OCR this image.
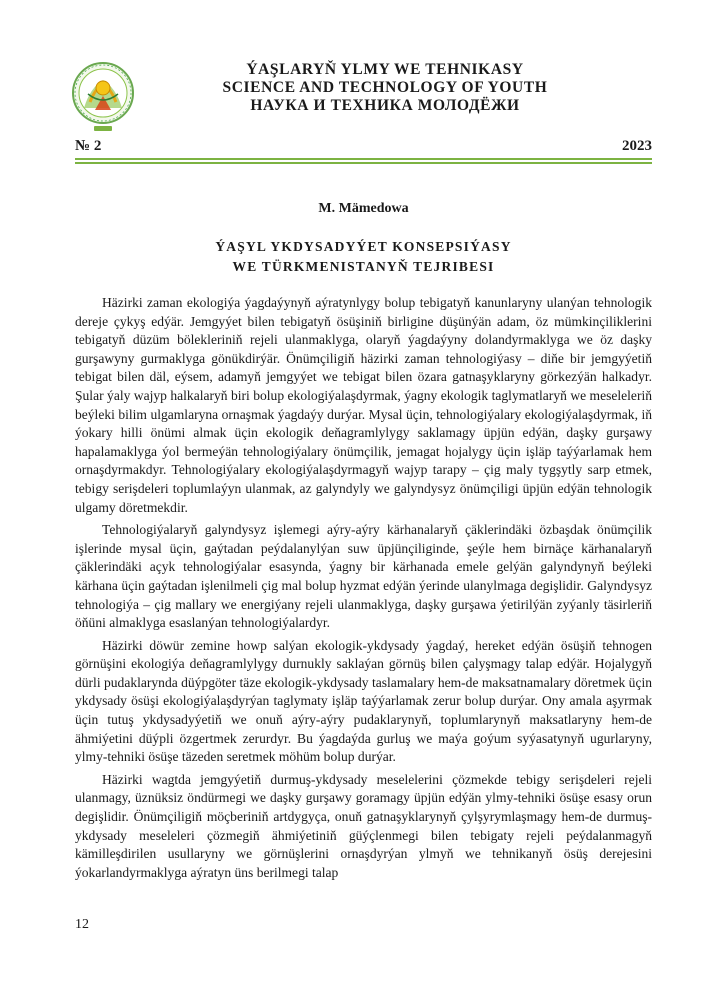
ÝAŞLARYŇ YLMY WE TEHNIKASY
SCIENCE AND TECHNOLOGY OF YOUTH
НАУКА И ТЕХНИКА МОЛОДЁЖИ
№ 2	2023
M. Mämedowa
ÝAŞYL YKDYSADYÝET KONSEPSIÝASY
WE TÜRKMENISTANYŇ TEJRIBESI

Häzirki zaman ekologiýa ýagdaýynyň aýratynlygy bolup tebigatyň kanunlaryny ulanýan tehnologik dereje çykyş edýär. Jemgyýet bilen tebigatyň ösüşiniň birligine düşünýän adam, öz mümkinçiliklerini tebigatyň düzüm bölekleriniň rejeli ulanmaklyga, olaryň ýagdaýyny dolandyrmaklyga we öz daşky gurşawyny gurmaklyga gönükdirýär. Önümçiligiň häzirki zaman tehnologiýasy – diňe bir jemgyýetiň tebigat bilen däl, eýsem, adamyň jemgyýet we tebigat bilen özara gatnaşyklaryny görkezýän halkadyr. Şular ýaly wajyp halkalaryň biri bolup ekologiýalaşdyrmak, ýagny ekologik taglymatlaryň we meseleleriň beýleki bilim ulgamlaryna ornaşmak ýagdaýy durýar. Mysal üçin, tehnologiýalary ekologiýalaşdyrmak, iň ýokary hilli önümi almak üçin ekologik deňagramlylygy saklamagy üpjün edýän, daşky gurşawy hapalamaklyga ýol bermeýän tehnologiýalary önümçilik, jemagat hojalygy üçin işläp taýýarlamak hem ornaşdyrmakdyr. Tehnologiýalary ekologiýalaşdyrmagyň wajyp tarapy – çig maly tygşytly sarp etmek, tebigy serişdeleri toplumlaýyn ulanmak, az galyndyly we galyndysyz önümçiligi üpjün edýän tehnologik ulgamy döretmekdir.

Tehnologiýalaryň galyndysyz işlemegi aýry-aýry kärhanalaryň çäklerindäki özbaşdak önümçilik işlerinde mysal üçin, gaýtadan peýdalanylýan suw üpjünçiliginde, şeýle hem birnäçe kärhanalaryň çäklerindäki açyk tehnologiýalar esasynda, ýagny bir kärhanada emele gelýän galyndynyň beýleki kärhana üçin gaýtadan işlenilmeli çig mal bolup hyzmat edýän ýerinde ulanylmaga degişlidir. Galyndysyz tehnologiýa – çig mallary we energiýany rejeli ulanmaklyga, daşky gurşawa ýetirilýän zyýanly täsirleriň öňüni almaklyga esaslanýan tehnologiýalardyr.

Häzirki döwür zemine howp salýan ekologik-ykdysady ýagdaý, hereket edýän ösüşiň tehnogen görnüşini ekologiýa deňagramlylygy durnukly saklaýan görnüş bilen çalyşmagy talap edýär. Hojalygyň dürli pudaklarynda düýpgöter täze ekologik-ykdysady taslamalary hem-de maksatnamalary döretmek üçin ykdysady ösüşi ekologiýalaşdyrýan taglymaty işläp taýýarlamak zerur bolup durýar. Ony amala aşyrmak üçin tutuş ykdysadyýetiň we onuň aýry-aýry pudaklarynyň, toplumlarynyň maksatlaryny hem-de ähmiýetini düýpli özgertmek zerurdyr. Bu ýagdaýda gurluş we maýa goýum syýasatynyň ugurlaryny, ylmy-tehniki ösüşe täzeden seretmek möhüm bolup durýar.

Häzirki wagtda jemgyýetiň durmuş-ykdysady meselelerini çözmekde tebigy serişdeleri rejeli ulanmagy, üznüksiz öndürmegi we daşky gurşawy goramagy üpjün edýän ylmy-tehniki ösüşe esasy orun degişlidir. Önümçiligiň möçberiniň artdygyça, onuň gatnaşyklarynyň çylşyrymlaşmagy hem-de durmuş-ykdysady meseleleri çözmegiň ähmiýetiniň güýçlenmegi bilen tebigaty rejeli peýdalanmagyň kämilleşdirilen usullaryny we görnüşlerini ornaşdyrýan ylmyň we tehnikanyň ösüş derejesini ýokarlandyrmaklyga aýratyn üns berilmegi talap

12
